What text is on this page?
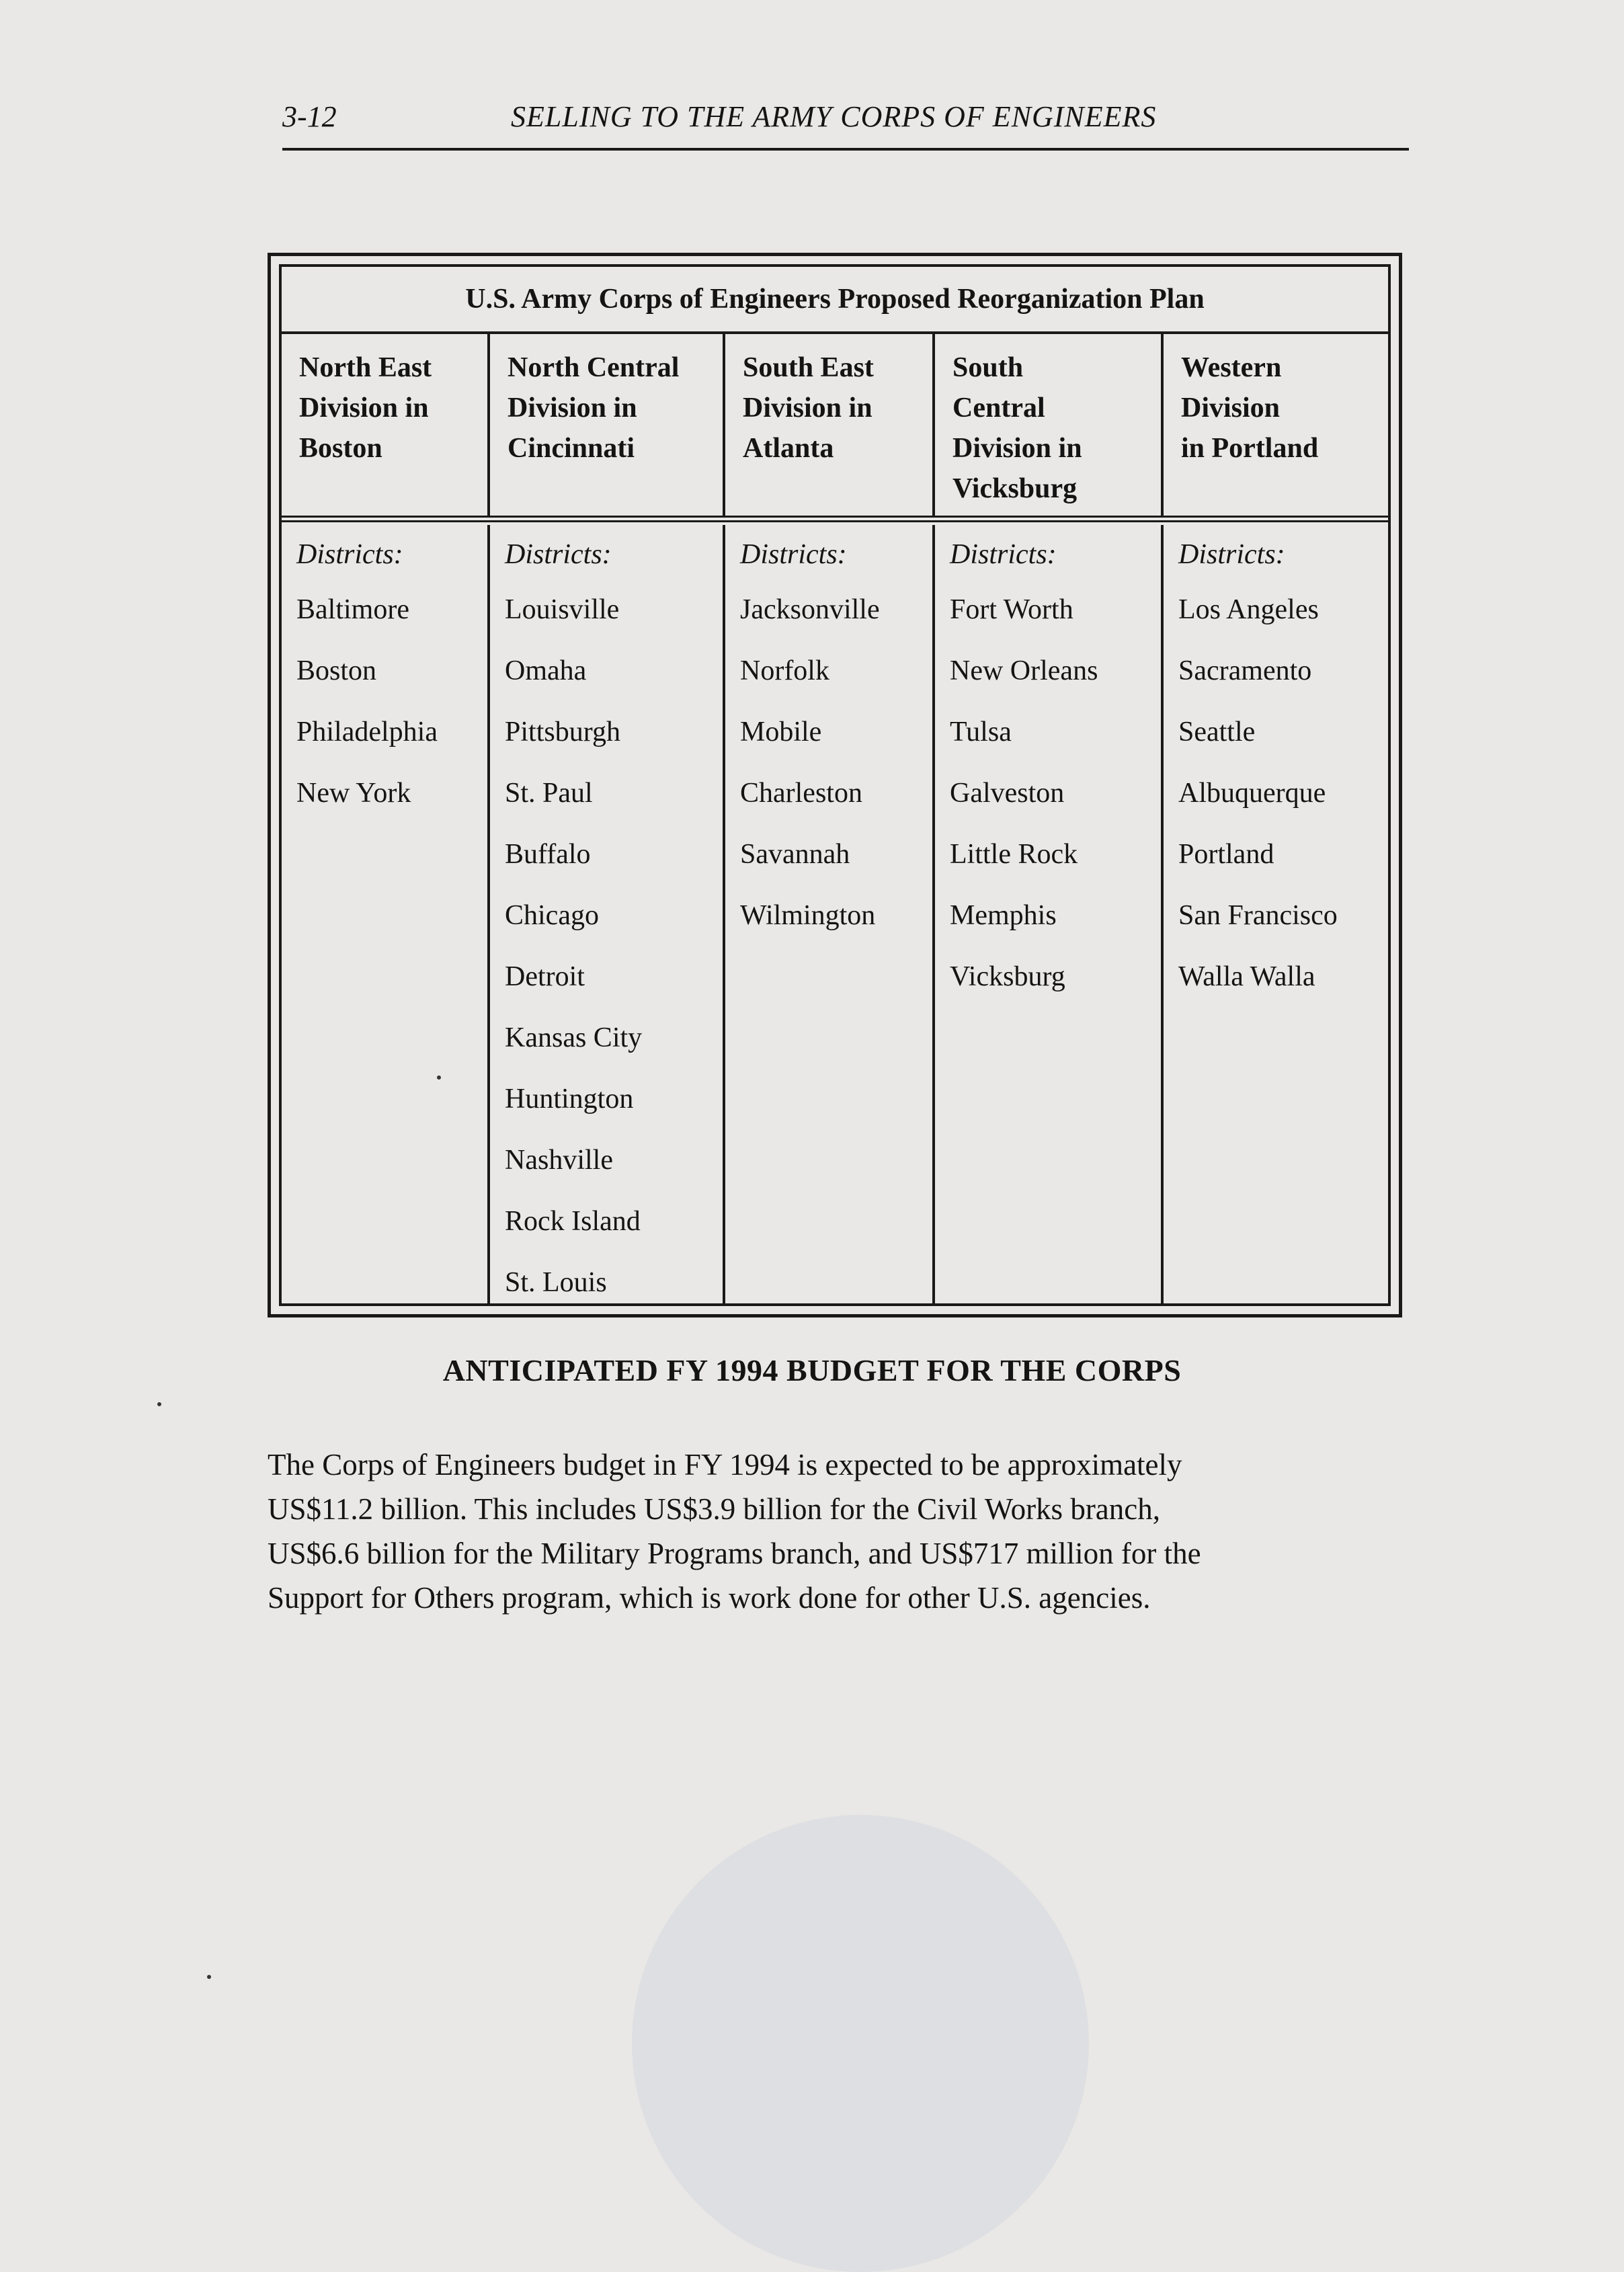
3-12	SELLING TO THE ARMY CORPS OF ENGINEERS
U.S. Army Corps of Engineers Proposed Reorganization Plan
North East
Division in
Boston
North Central
Division in
Cincinnati
South East
Division in
Atlanta
South
Central
Division in
Vicksburg
Western
Division
in Portland
Districts:
Baltimore
Boston
Philadelphia
New York
Districts:
Louisville
Omaha
Pittsburgh
St. Paul
Buffalo
Chicago
Detroit
Kansas City
Huntington
Nashville
Rock Island
St. Louis
Districts:
Jacksonville
Norfolk
Mobile
Charleston
Savannah
Wilmington
Districts:
Fort Worth
New Orleans
Tulsa
Galveston
Little Rock
Memphis
Vicksburg
Districts:
Los Angeles
Sacramento
Seattle
Albuquerque
Portland
San Francisco
Walla Walla
ANTICIPATED FY 1994 BUDGET FOR THE CORPS
The Corps of Engineers budget in FY 1994 is expected to be approximately
US$11.2 billion. This includes US$3.9 billion for the Civil Works branch,
US$6.6 billion for the Military Programs branch, and US$717 million for the
Support for Others program, which is work done for other U.S. agencies.
